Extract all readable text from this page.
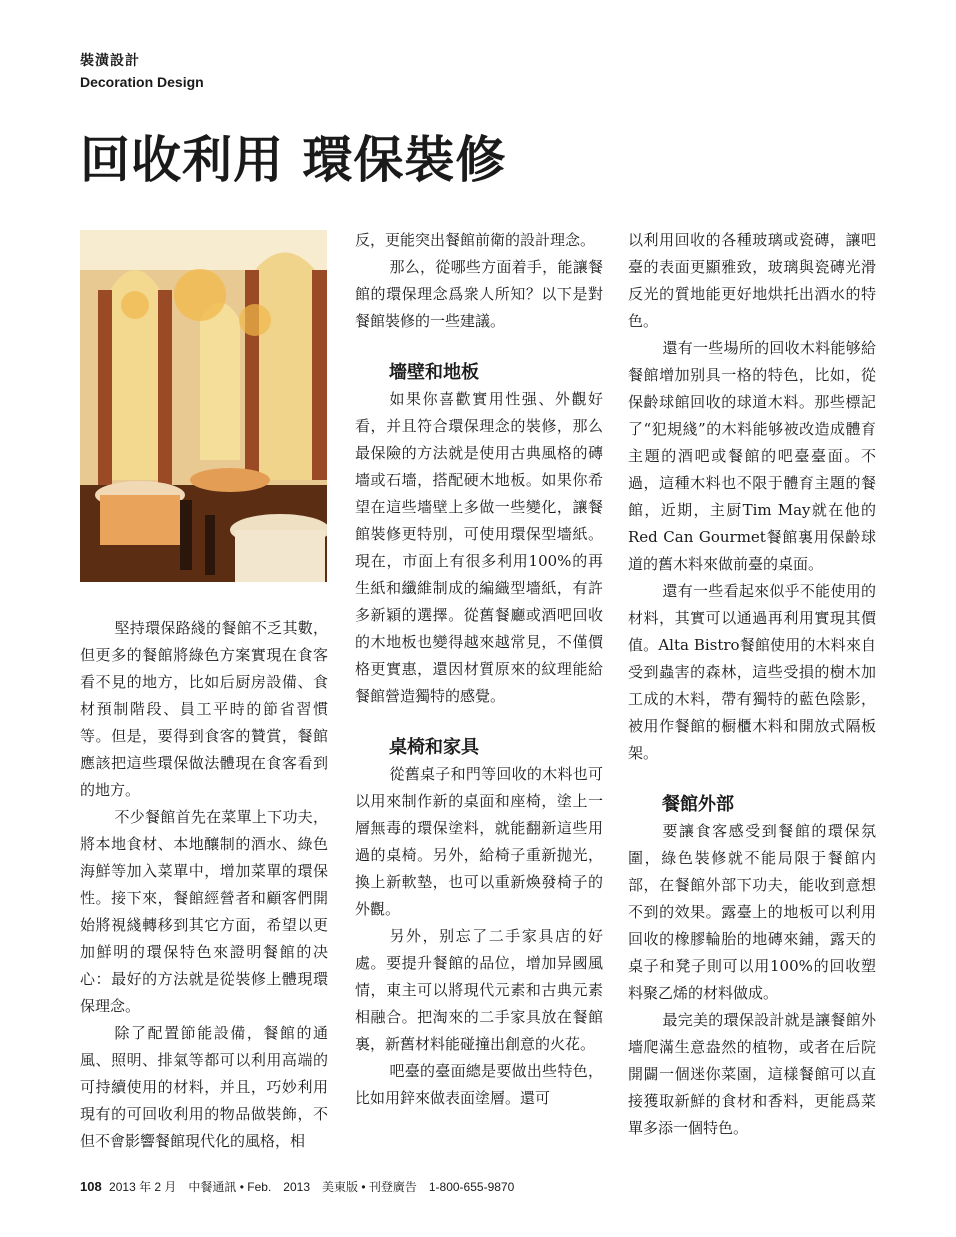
裝潢設計
Decoration Design
回收利用 環保裝修

堅持環保路綫的餐館不乏其數，但更多的餐館將綠色方案實現在食客看不見的地方，比如后厨房設備、食材預制階段、員工平時的節省習慣等。但是，要得到食客的贊賞，餐館應該把這些環保做法體現在食客看到的地方。

不少餐館首先在菜單上下功夫，將本地食材、本地釀制的酒水、綠色海鮮等加入菜單中，增加菜單的環保性。接下來，餐館經營者和顧客們開始將視綫轉移到其它方面，希望以更加鮮明的環保特色來證明餐館的决心：最好的方法就是從裝修上體現環保理念。

除了配置節能設備，餐館的通風、照明、排氣等都可以利用高端的可持續使用的材料，并且，巧妙利用現有的可回收利用的物品做裝飾，不但不會影響餐館現代化的風格，相

反，更能突出餐館前衛的設計理念。

那么，從哪些方面着手，能讓餐館的環保理念爲衆人所知？以下是對餐館裝修的一些建議。

墻壁和地板

如果你喜歡實用性强、外觀好看，并且符合環保理念的裝修，那么最保險的方法就是使用古典風格的磚墻或石墻，搭配硬木地板。如果你希望在這些墻壁上多做一些變化，讓餐館裝修更特別，可使用環保型墻紙。現在，市面上有很多利用100%的再生紙和纖維制成的編織型墻紙，有許多新穎的選擇。從舊餐廳或酒吧回收的木地板也變得越來越常見，不僅價格更實惠，還因材質原來的紋理能給餐館營造獨特的感覺。

桌椅和家具

從舊桌子和門等回收的木料也可以用來制作新的桌面和座椅，塗上一層無毒的環保塗料，就能翻新這些用過的桌椅。另外，給椅子重新抛光，換上新軟墊，也可以重新煥發椅子的外觀。

另外，别忘了二手家具店的好處。要提升餐館的品位，增加异國風情，東主可以將現代元素和古典元素相融合。把淘來的二手家具放在餐館裏，新舊材料能碰撞出創意的火花。

吧臺的臺面總是要做出些特色，比如用鋅來做表面塗層。還可

以利用回收的各種玻璃或瓷磚，讓吧臺的表面更顯雅致，玻璃與瓷磚光滑反光的質地能更好地烘托出酒水的特色。

還有一些場所的回收木料能够給餐館增加别具一格的特色，比如，從保齡球館回收的球道木料。那些標記了“犯規綫”的木料能够被改造成體育主題的酒吧或餐館的吧臺臺面。不過，這種木料也不限于體育主題的餐館，近期，主厨Tim May就在他的Red Can Gourmet餐館裏用保齡球道的舊木料來做前臺的桌面。

還有一些看起來似乎不能使用的材料，其實可以通過再利用實現其價值。Alta Bistro餐館使用的木料來自受到蟲害的森林，這些受損的樹木加工成的木料，帶有獨特的藍色陰影，被用作餐館的橱櫃木料和開放式隔板架。

餐館外部

要讓食客感受到餐館的環保氛圍，綠色裝修就不能局限于餐館内部，在餐館外部下功夫，能收到意想不到的效果。露臺上的地板可以利用回收的橡膠輪胎的地磚來鋪，露天的桌子和凳子則可以用100%的回收塑料聚乙烯的材料做成。

最完美的環保設計就是讓餐館外墻爬滿生意盎然的植物，或者在后院開闢一個迷你菜園，這樣餐館可以直接獲取新鮮的食材和香料，更能爲菜單多添一個特色。

108 2013 年 2 月　中餐通訊 • Feb.　2013　美東版 • 刊登廣告　1-800-655-9870
